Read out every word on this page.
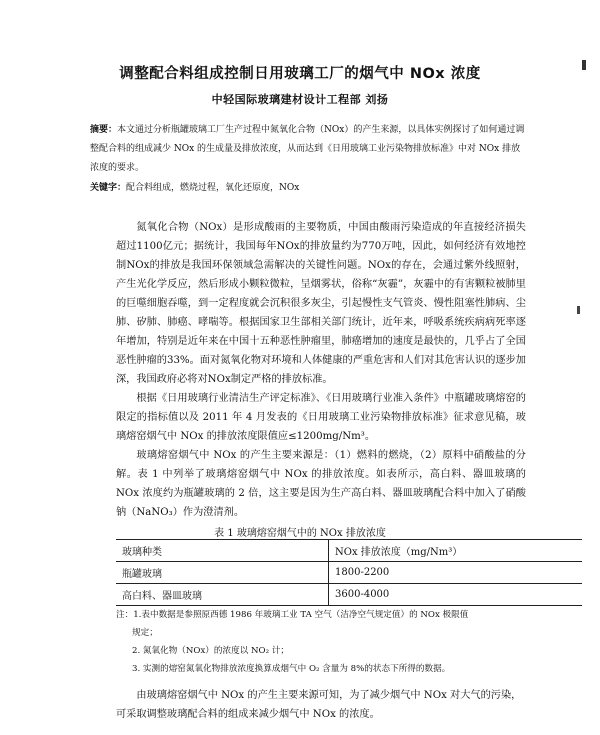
调整配合料组成控制日用玻璃工厂的烟气中 NOx 浓度
中轻国际玻璃建材设计工程部 刘扬
摘要：本文通过分析瓶罐玻璃工厂生产过程中氮氧化合物（NOx）的产生来源，以具体实例探讨了如何通过调整配合料的组成减少 NOx 的生成量及排放浓度，从而达到《日用玻璃工业污染物排放标准》中对 NOx 排放浓度的要求。
关键字：配合料组成，燃烧过程，氧化还原度，NOx

氮氧化合物（NOx）是形成酸雨的主要物质，中国由酸雨污染造成的年直接经济损失超过1100亿元；据统计，我国每年NOx的排放量约为770万吨，因此，如何经济有效地控制NOx的排放是我国环保领域急需解决的关键性问题。NOx的存在，会通过紫外线照射，产生光化学反应，然后形成小颗粒微粒，呈烟雾状，俗称“灰霾”，灰霾中的有害颗粒被肺里的巨噬细胞吞噬，到一定程度就会沉积很多灰尘，引起慢性支气管炎、慢性阻塞性肺病、尘肺、矽肺、肺癌、哮喘等。根据国家卫生部相关部门统计，近年来，呼吸系统疾病病死率逐年增加，特别是近年来在中国十五种恶性肿瘤里，肺癌增加的速度是最快的，几乎占了全国恶性肿瘤的33%。面对氮氧化物对环境和人体健康的严重危害和人们对其危害认识的逐步加深，我国政府必将对NOx制定严格的排放标准。

根据《日用玻璃行业清洁生产评定标准》、《日用玻璃行业准入条件》中瓶罐玻璃熔窑的限定的指标值以及 2011 年 4 月发表的《日用玻璃工业污染物排放标准》征求意见稿，玻璃熔窑烟气中 NOx 的排放浓度限值应≤1200mg/Nm³。

玻璃熔窑烟气中 NOx 的产生主要来源是：（1）燃料的燃烧，（2）原料中硝酸盐的分解。表 1 中列举了玻璃熔窑烟气中 NOx 的排放浓度。如表所示，高白料、器皿玻璃的 NOx 浓度约为瓶罐玻璃的 2 倍，这主要是因为生产高白料、器皿玻璃配合料中加入了硝酸钠（NaNO₃）作为澄清剂。

表 1 玻璃熔窑烟气中的 NOx 排放浓度
玻璃种类	NOx 排放浓度（mg/Nm³）
瓶罐玻璃	1800-2200
高白料、器皿玻璃	3600-4000
注：1.表中数据是参照原西德 1986 年玻璃工业 TA 空气（洁净空气规定值）的 NOx 极限值
规定；
2. 氮氧化物（NOx）的浓度以 NO₂ 计；
3. 实测的熔窑氮氧化物排放浓度换算成烟气中 O₂ 含量为 8%的状态下所得的数据。

由玻璃熔窑烟气中 NOx 的产生主要来源可知，为了减少烟气中 NOx 对大气的污染，可采取调整玻璃配合料的组成来减少烟气中 NOx 的浓度。
